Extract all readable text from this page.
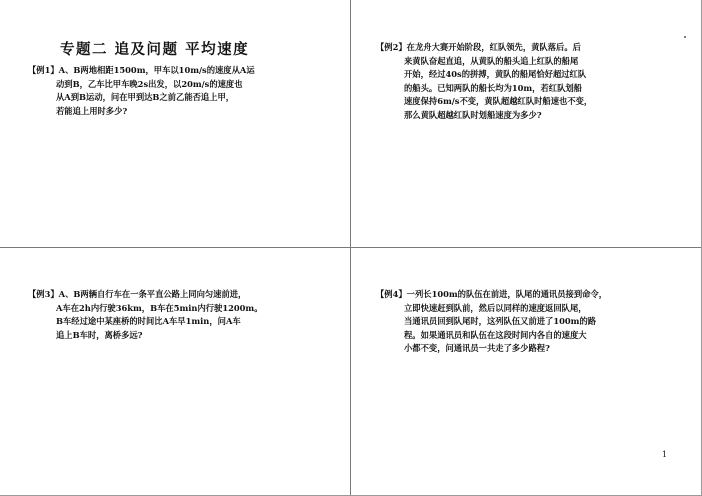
专题二 追及问题 平均速度
【例1】A、B两地相距1500m，甲车以10m/s的速度从A运
动到B，乙车比甲车晚2s出发，以20m/s的速度也
从A到B运动，问在甲到达B之前乙能否追上甲，
若能追上用时多少?
【例2】在龙舟大赛开始阶段，红队领先，黄队落后。后
来黄队奋起直追，从黄队的船头追上红队的船尾
开始，经过40s的拼搏，黄队的船尾恰好超过红队
的船头。已知两队的船长均为10m，若红队划船
速度保持6m/s不变，黄队超越红队时船速也不变，
那么黄队超越红队时划船速度为多少?
【例3】A、B两辆自行车在一条平直公路上同向匀速前进，
A车在2h内行驶36km，B车在5min内行驶1200m。
B车经过途中某座桥的时间比A车早1min，问A车
追上B车时，离桥多远?
【例4】一列长100m的队伍在前进，队尾的通讯员接到命令，
立即快速赶到队前，然后以同样的速度返回队尾，
当通讯员回到队尾时，这列队伍又前进了100m的路
程。如果通讯员和队伍在这段时间内各自的速度大
小都不变，问通讯员一共走了多少路程?
1
